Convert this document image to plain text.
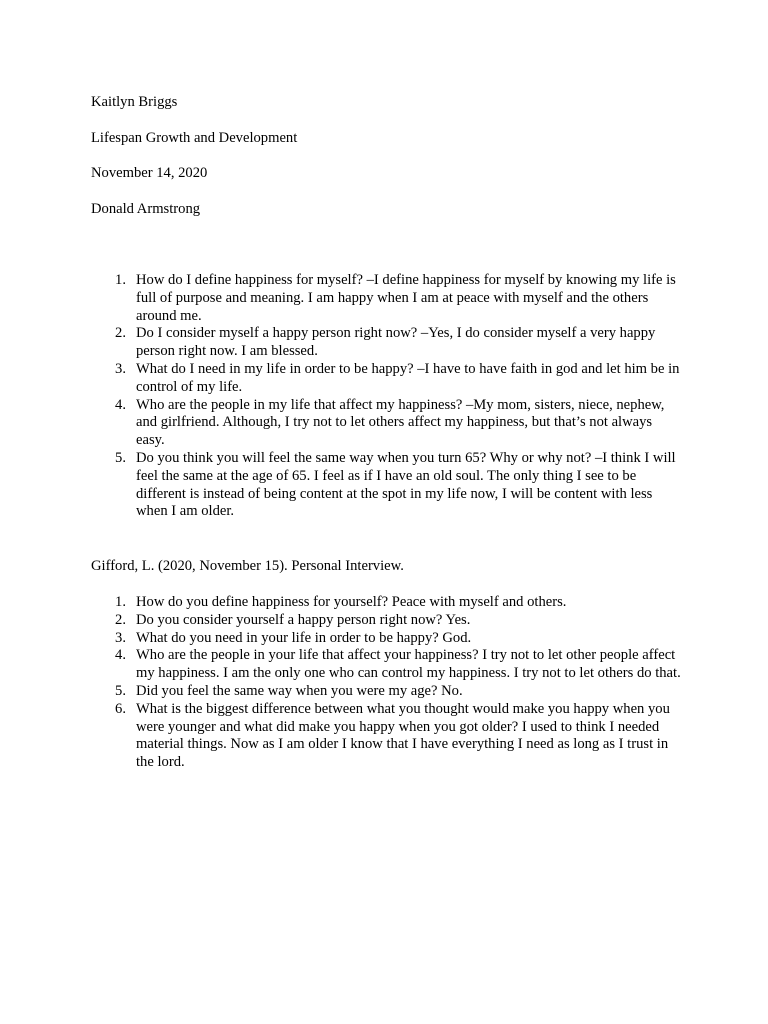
Kaitlyn Briggs

Lifespan Growth and Development

November 14, 2020

Donald Armstrong

1. How do I define happiness for myself? –I define happiness for myself by knowing my life is full of purpose and meaning. I am happy when I am at peace with myself and the others around me.
2. Do I consider myself a happy person right now? –Yes, I do consider myself a very happy person right now. I am blessed.
3. What do I need in my life in order to be happy? –I have to have faith in god and let him be in control of my life.
4. Who are the people in my life that affect my happiness? –My mom, sisters, niece, nephew, and girlfriend. Although, I try not to let others affect my happiness, but that’s not always easy.
5. Do you think you will feel the same way when you turn 65? Why or why not? –I think I will feel the same at the age of 65. I feel as if I have an old soul. The only thing I see to be different is instead of being content at the spot in my life now, I will be content with less when I am older.

Gifford, L. (2020, November 15). Personal Interview.

1. How do you define happiness for yourself? Peace with myself and others.
2. Do you consider yourself a happy person right now? Yes.
3. What do you need in your life in order to be happy? God.
4. Who are the people in your life that affect your happiness? I try not to let other people affect my happiness. I am the only one who can control my happiness. I try not to let others do that.
5. Did you feel the same way when you were my age? No.
6. What is the biggest difference between what you thought would make you happy when you were younger and what did make you happy when you got older? I used to think I needed material things. Now as I am older I know that I have everything I need as long as I trust in the lord.
